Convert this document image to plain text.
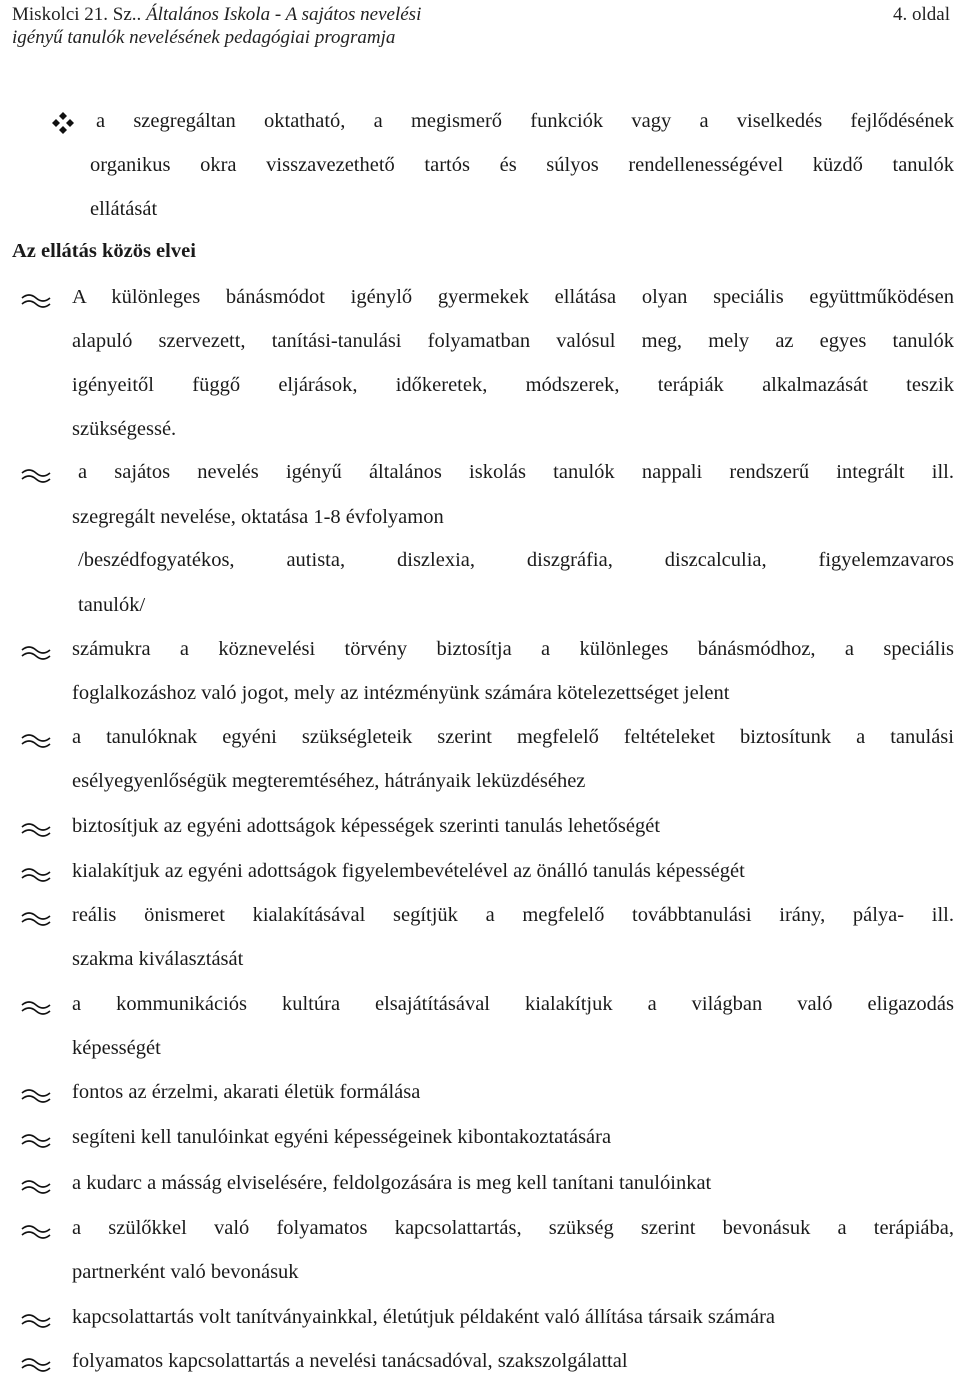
Miskolci 21. Sz.. Általános Iskola - A sajátos nevelési
igényű tanulók nevelésének pedagógiai programja
4. oldal
a szegregáltan oktatható, a megismerő funkciók vagy a viselkedés fejlődésének
organikus okra visszavezethető tartós és súlyos rendellenességével küzdő tanulók
ellátását
Az ellátás közös elvei
A különleges bánásmódot igénylő gyermekek ellátása olyan speciális együttműködésen
alapuló szervezett, tanítási-tanulási folyamatban valósul meg, mely az egyes tanulók
igényeitől függő eljárások, időkeretek, módszerek, terápiák alkalmazását teszik
szükségessé.
a sajátos nevelés igényű általános iskolás tanulók nappali rendszerű integrált ill.
szegregált nevelése, oktatása 1-8 évfolyamon
/beszédfogyatékos, autista, diszlexia, diszgráfia, diszcalculia, figyelemzavaros
tanulók/
számukra a köznevelési törvény biztosítja a különleges bánásmódhoz, a speciális
foglalkozáshoz való jogot, mely az intézményünk számára kötelezettséget jelent
a tanulóknak egyéni szükségleteik szerint megfelelő feltételeket biztosítunk a tanulási
esélyegyenlőségük megteremtéséhez, hátrányaik leküzdéséhez
biztosítjuk az egyéni adottságok képességek szerinti tanulás lehetőségét
kialakítjuk az egyéni adottságok figyelembevételével az önálló tanulás képességét
reális önismeret kialakításával segítjük a megfelelő továbbtanulási irány, pálya- ill.
szakma kiválasztását
a kommunikációs kultúra elsajátításával kialakítjuk a világban való eligazodás
képességét
fontos az érzelmi, akarati életük formálása
segíteni kell tanulóinkat egyéni képességeinek kibontakoztatására
a kudarc a másság elviselésére, feldolgozására is meg kell tanítani tanulóinkat
a szülőkkel való folyamatos kapcsolattartás, szükség szerint bevonásuk a terápiába,
partnerként való bevonásuk
kapcsolattartás volt tanítványainkkal, életútjuk példaként való állítása társaik számára
folyamatos kapcsolattartás a nevelési tanácsadóval, szakszolgálattal
